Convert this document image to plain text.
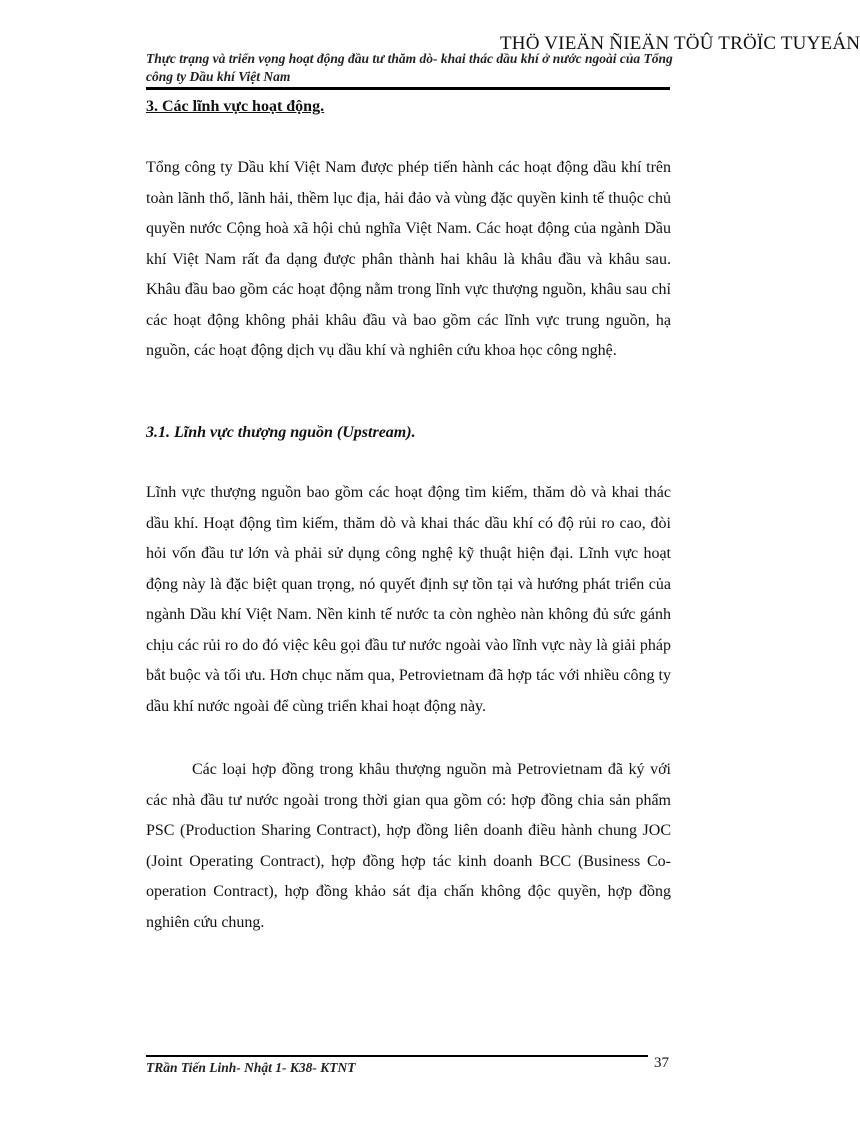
THÖ VIEÄN ÑIEÄN TÖÛ TRÖÏC TUYEÁN
Thực trạng và triển vọng hoạt động đầu tư thăm dò- khai thác dầu khí ở nước ngoài của Tổng công ty Dầu khí Việt Nam
3. Các lĩnh vực hoạt động.
Tổng công ty Dầu khí Việt Nam được phép tiến hành các hoạt động dầu khí trên toàn lãnh thổ, lãnh hải, thềm lục địa, hải đảo và vùng đặc quyền kinh tế thuộc chủ quyền nước Cộng hoà xã hội chủ nghĩa Việt Nam. Các hoạt động của ngành Dầu khí Việt Nam rất đa dạng được phân thành hai khâu là khâu đầu và khâu sau. Khâu đầu bao gồm các hoạt động nằm trong lĩnh vực thượng nguồn, khâu sau chỉ các hoạt động không phải khâu đầu và bao gồm các lĩnh vực trung nguồn, hạ nguồn, các hoạt động dịch vụ dầu khí và nghiên cứu khoa học công nghệ.
3.1. Lĩnh vực thượng nguồn (Upstream).
Lĩnh vực thượng nguồn bao gồm các hoạt động tìm kiếm, thăm dò và khai thác dầu khí. Hoạt động tìm kiếm, thăm dò và khai thác dầu khí có độ rủi ro cao, đòi hỏi vốn đầu tư lớn và phải sử dụng công nghệ kỹ thuật hiện đại. Lĩnh vực hoạt động này là đặc biệt quan trọng, nó quyết định sự tồn tại và hướng phát triển của ngành Dầu khí Việt Nam. Nền kinh tế nước ta còn nghèo nàn không đủ sức gánh chịu các rủi ro do đó việc kêu gọi đầu tư nước ngoài vào lĩnh vực này là giải pháp bắt buộc và tối ưu. Hơn chục năm qua, Petrovietnam đã hợp tác với nhiều công ty dầu khí nước ngoài để cùng triển khai hoạt động này.
Các loại hợp đồng trong khâu thượng nguồn mà Petrovietnam đã ký với các nhà đầu tư nước ngoài trong thời gian qua gồm có: hợp đồng chia sản phẩm PSC (Production Sharing Contract), hợp đồng liên doanh điều hành chung JOC (Joint Operating Contract), hợp đồng hợp tác kinh doanh BCC (Business Co-operation Contract), hợp đồng khảo sát địa chấn không độc quyền, hợp đồng nghiên cứu chung.
TRần Tiến Linh- Nhật 1- K38- KTNT	37
